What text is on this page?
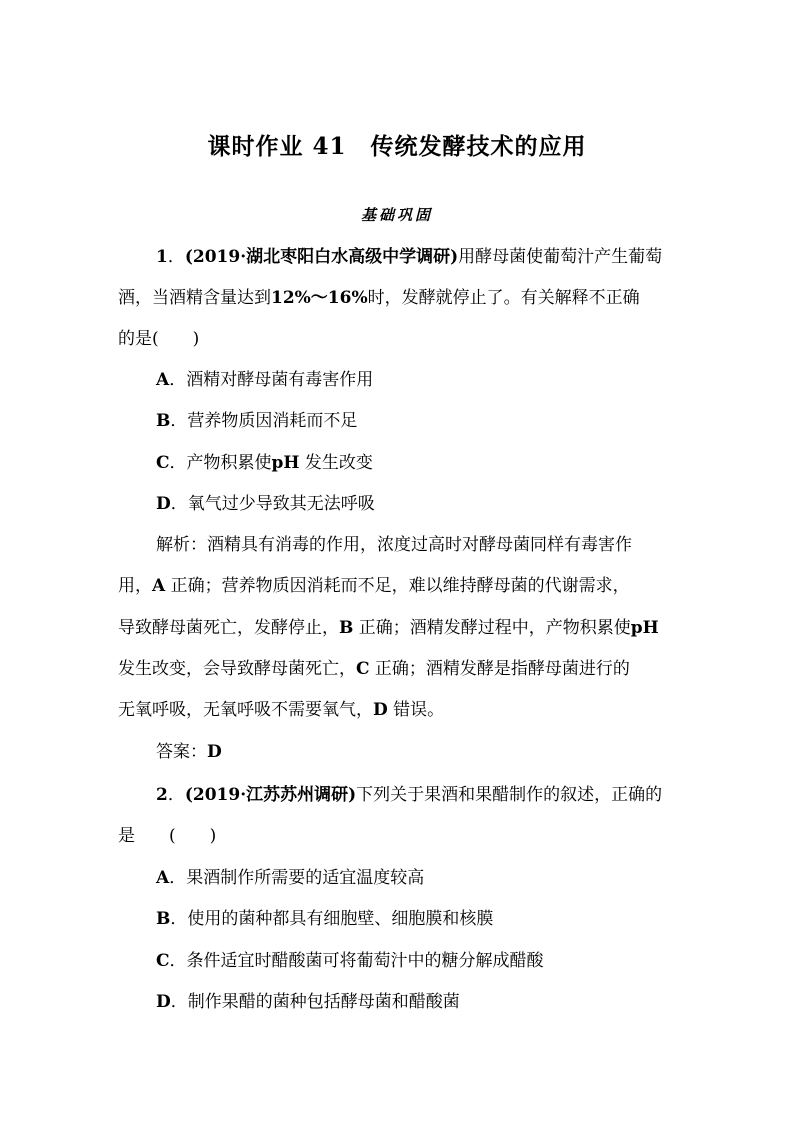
课时作业 41　传统发酵技术的应用
基础巩固
1．(2019·湖北枣阳白水高级中学调研)用酵母菌使葡萄汁产生葡萄
酒，当酒精含量达到12%～16%时，发酵就停止了。有关解释不正确
的是(　　)
A．酒精对酵母菌有毒害作用
B．营养物质因消耗而不足
C．产物积累使pH 发生改变
D．氧气过少导致其无法呼吸
解析：酒精具有消毒的作用，浓度过高时对酵母菌同样有毒害作
用，A 正确；营养物质因消耗而不足，难以维持酵母菌的代谢需求，
导致酵母菌死亡，发酵停止，B 正确；酒精发酵过程中，产物积累使pH
发生改变，会导致酵母菌死亡，C 正确；酒精发酵是指酵母菌进行的
无氧呼吸，无氧呼吸不需要氧气，D 错误。
答案：D
2．(2019·江苏苏州调研)下列关于果酒和果醋制作的叙述，正确的
是　　(　　)
A．果酒制作所需要的适宜温度较高
B．使用的菌种都具有细胞壁、细胞膜和核膜
C．条件适宜时醋酸菌可将葡萄汁中的糖分解成醋酸
D．制作果醋的菌种包括酵母菌和醋酸菌
